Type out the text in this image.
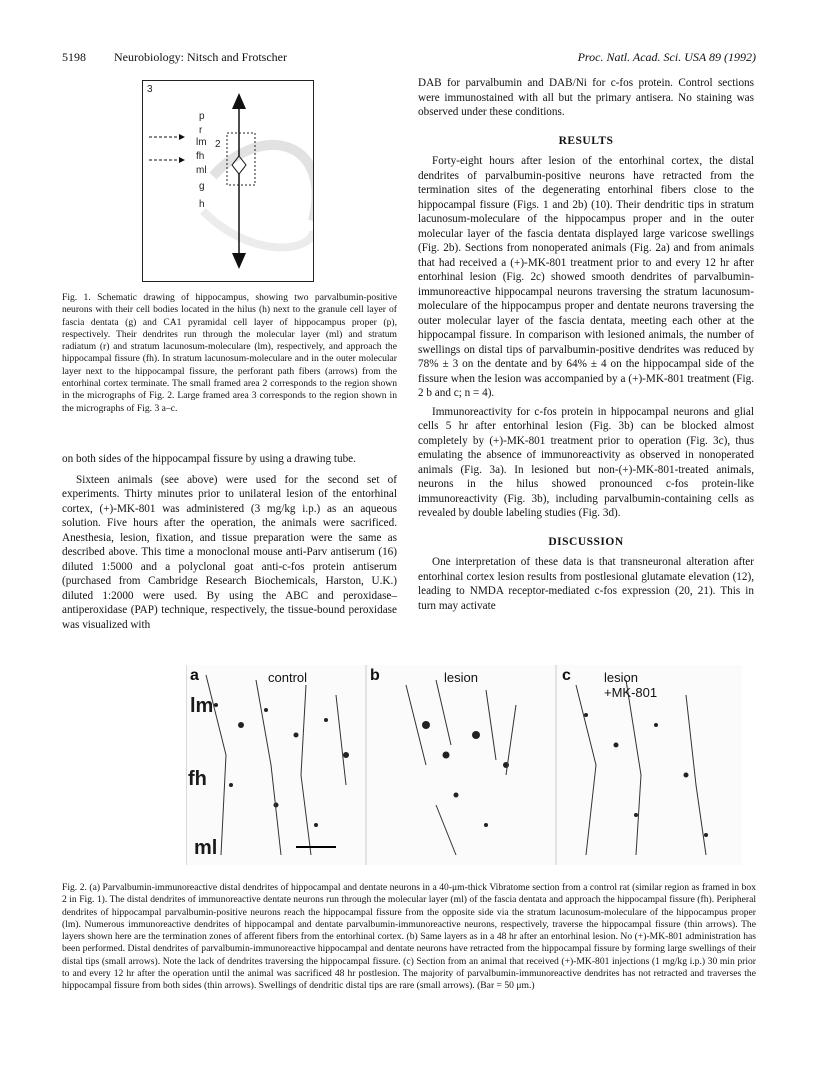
5198 Neurobiology: Nitsch and Frotscher	Proc. Natl. Acad. Sci. USA 89 (1992)
3
2
p
r
lm
fh
ml
g
h
Fig. 1. Schematic drawing of hippocampus, showing two parvalbumin-positive neurons with their cell bodies located in the hilus (h) next to the granule cell layer of fascia dentata (g) and CA1 pyramidal cell layer of hippocampus proper (p), respectively. Their dendrites run through the molecular layer (ml) and stratum radiatum (r) and stratum lacunosum-moleculare (lm), respectively, and approach the hippocampal fissure (fh). In stratum lacunosum-moleculare and in the outer molecular layer next to the hippocampal fissure, the perforant path fibers (arrows) from the entorhinal cortex terminate. The small framed area 2 corresponds to the region shown in the micrographs of Fig. 2. Large framed area 3 corresponds to the region shown in the micrographs of Fig. 3 a–c.

on both sides of the hippocampal fissure by using a drawing tube.

Sixteen animals (see above) were used for the second set of experiments. Thirty minutes prior to unilateral lesion of the entorhinal cortex, (+)-MK-801 was administered (3 mg/kg i.p.) as an aqueous solution. Five hours after the operation, the animals were sacrificed. Anesthesia, lesion, fixation, and tissue preparation were the same as described above. This time a monoclonal mouse anti-Parv antiserum (16) diluted 1:5000 and a polyclonal goat anti-c-fos protein antiserum (purchased from Cambridge Research Biochemicals, Harston, U.K.) diluted 1:2000 were used. By using the ABC and peroxidase–antiperoxidase (PAP) technique, respectively, the tissue-bound peroxidase was visualized with

DAB for parvalbumin and DAB/Ni for c-fos protein. Control sections were immunostained with all but the primary antisera. No staining was observed under these conditions.

RESULTS

Forty-eight hours after lesion of the entorhinal cortex, the distal dendrites of parvalbumin-positive neurons have retracted from the termination sites of the degenerating entorhinal fibers close to the hippocampal fissure (Figs. 1 and 2b) (10). Their dendritic tips in stratum lacunosum-moleculare of the hippocampus proper and in the outer molecular layer of the fascia dentata displayed large varicose swellings (Fig. 2b). Sections from nonoperated animals (Fig. 2a) and from animals that had received a (+)-MK-801 treatment prior to and every 12 hr after entorhinal lesion (Fig. 2c) showed smooth dendrites of parvalbumin-immunoreactive hippocampal neurons traversing the stratum lacunosum-moleculare of the hippocampus proper and dentate neurons traversing the outer molecular layer of the fascia dentata, meeting each other at the hippocampal fissure. In comparison with lesioned animals, the number of swellings on distal tips of parvalbumin-positive dendrites was reduced by 78% ± 3 on the dentate and by 64% ± 4 on the hippocampal side of the fissure when the lesion was accompanied by a (+)-MK-801 treatment (Fig. 2 b and c; n = 4).

Immunoreactivity for c-fos protein in hippocampal neurons and glial cells 5 hr after entorhinal lesion (Fig. 3b) can be blocked almost completely by (+)-MK-801 treatment prior to operation (Fig. 3c), thus emulating the absence of immunoreactivity as observed in nonoperated animals (Fig. 3a). In lesioned but non-(+)-MK-801-treated animals, neurons in the hilus showed pronounced c-fos protein-like immunoreactivity (Fig. 3b), including parvalbumin-containing cells as revealed by double labeling studies (Fig. 3d).

DISCUSSION

One interpretation of these data is that transneuronal alteration after entorhinal cortex lesion results from postlesional glutamate elevation (12), leading to NMDA receptor-mediated c-fos expression (20, 21). This in turn may activate

a	control	b	lesion	c	lesion
+MK-801
lm
fh
ml
Fig. 2. (a) Parvalbumin-immunoreactive distal dendrites of hippocampal and dentate neurons in a 40-μm-thick Vibratome section from a control rat (similar region as framed in box 2 in Fig. 1). The distal dendrites of immunoreactive dentate neurons run through the molecular layer (ml) of the fascia dentata and approach the hippocampal fissure (fh). Peripheral dendrites of hippocampal parvalbumin-positive neurons reach the hippocampal fissure from the opposite side via the stratum lacunosum-moleculare of the hippocampus proper (lm). Numerous immunoreactive dendrites of hippocampal and dentate parvalbumin-immunoreactive neurons, respectively, traverse the hippocampal fissure (thin arrows). The layers shown here are the termination zones of afferent fibers from the entorhinal cortex. (b) Same layers as in a 48 hr after an entorhinal lesion. No (+)-MK-801 administration has been performed. Distal dendrites of parvalbumin-immunoreactive hippocampal and dentate neurons have retracted from the hippocampal fissure by forming large swellings of their distal tips (small arrows). Note the lack of dendrites traversing the hippocampal fissure. (c) Section from an animal that received (+)-MK-801 injections (1 mg/kg i.p.) 30 min prior to and every 12 hr after the operation until the animal was sacrificed 48 hr postlesion. The majority of parvalbumin-immunoreactive dendrites has not retracted and traverses the hippocampal fissure from both sides (thin arrows). Swellings of dendritic distal tips are rare (small arrows). (Bar = 50 μm.)
